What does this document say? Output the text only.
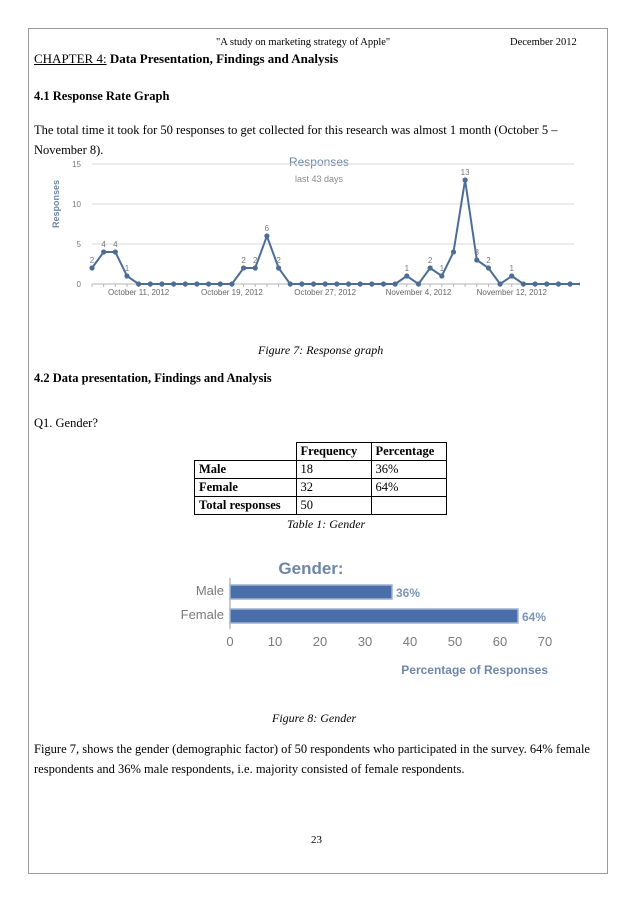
"A study on marketing strategy of Apple"	December 2012
CHAPTER 4: Data Presentation, Findings and Analysis
4.1 Response Rate Graph
The total time it took for 50 responses to get collected for this research was almost 1 month (October 5 – November 8).
Responses
last 43 days
Responses
0
5
10
15
October 11, 2012	October 19, 2012	October 27, 2012	November 4, 2012	November 12, 2012
2
4 4
1
2 2
6
2
1
2
1
13
3
2
1
Figure 7: Response graph
4.2 Data presentation, Findings and Analysis
Q1. Gender?
	Frequency	Percentage
Male	18	36%
Female	32	64%
Total responses	50	
Table 1: Gender
Gender:
Male
Female
36%
64%
0	10 20 30 40 50 60 70
Percentage of Responses
Figure 8: Gender
Figure 7, shows the gender (demographic factor) of 50 respondents who participated in the survey. 64% female respondents and 36% male respondents, i.e. majority consisted of female respondents.
23
